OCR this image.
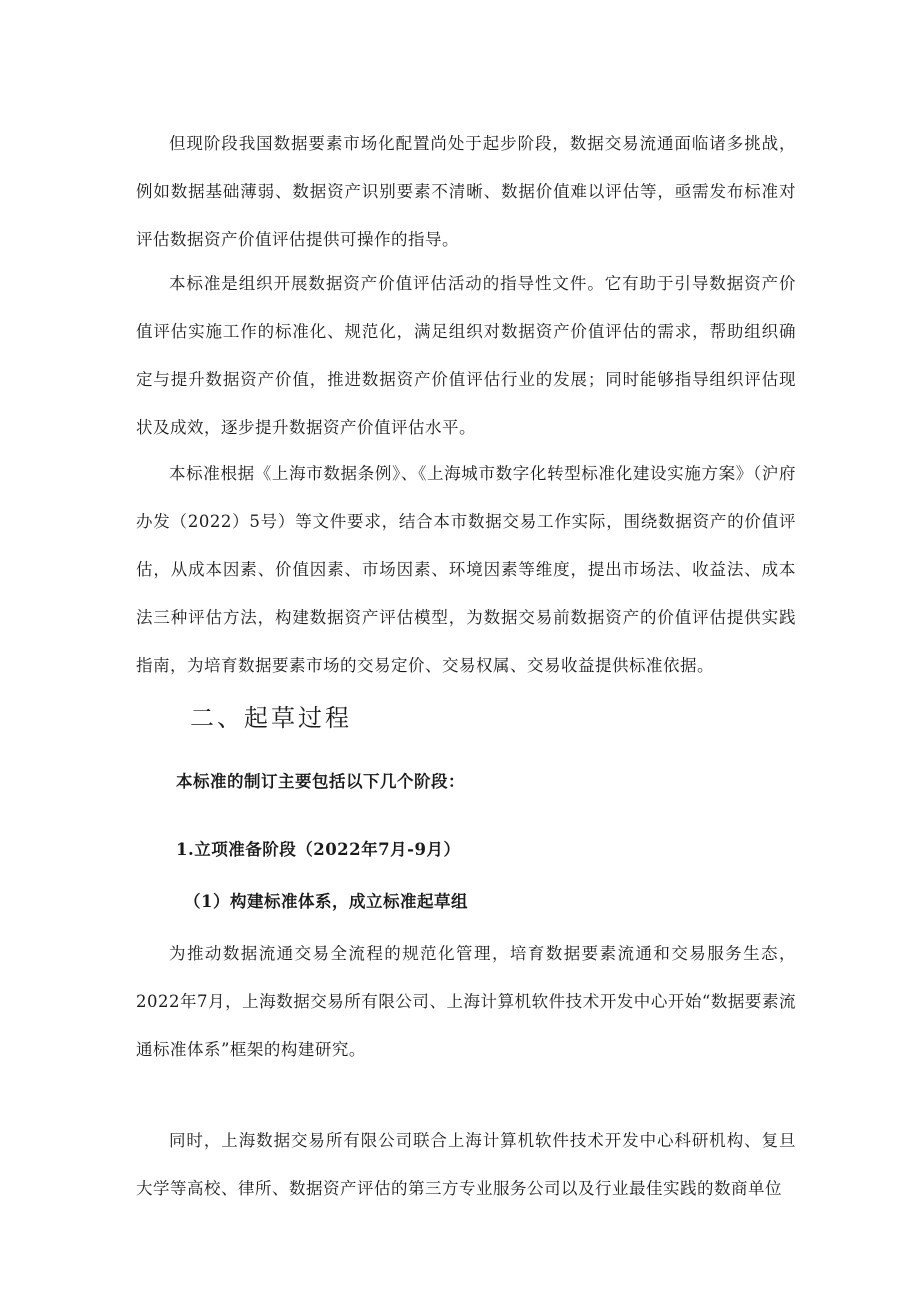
但现阶段我国数据要素市场化配置尚处于起步阶段，数据交易流通面临诸多挑战，例如数据基础薄弱、数据资产识别要素不清晰、数据价值难以评估等，亟需发布标准对评估数据资产价值评估提供可操作的指导。

本标准是组织开展数据资产价值评估活动的指导性文件。它有助于引导数据资产价值评估实施工作的标准化、规范化，满足组织对数据资产价值评估的需求，帮助组织确定与提升数据资产价值，推进数据资产价值评估行业的发展；同时能够指导组织评估现状及成效，逐步提升数据资产价值评估水平。

本标准根据《上海市数据条例》、《上海城市数字化转型标准化建设实施方案》（沪府办发（2022）5号）等文件要求，结合本市数据交易工作实际，围绕数据资产的价值评估，从成本因素、价值因素、市场因素、环境因素等维度，提出市场法、收益法、成本法三种评估方法，构建数据资产评估模型，为数据交易前数据资产的价值评估提供实践指南，为培育数据要素市场的交易定价、交易权属、交易收益提供标准依据。

二、起草过程

本标准的制订主要包括以下几个阶段：

1.立项准备阶段（2022年7月-9月）

（1）构建标准体系，成立标准起草组

为推动数据流通交易全流程的规范化管理，培育数据要素流通和交易服务生态，2022年7月，上海数据交易所有限公司、上海计算机软件技术开发中心开始“数据要素流通标准体系”框架的构建研究。

同时，上海数据交易所有限公司联合上海计算机软件技术开发中心科研机构、复旦大学等高校、律所、数据资产评估的第三方专业服务公司以及行业最佳实践的数商单位
